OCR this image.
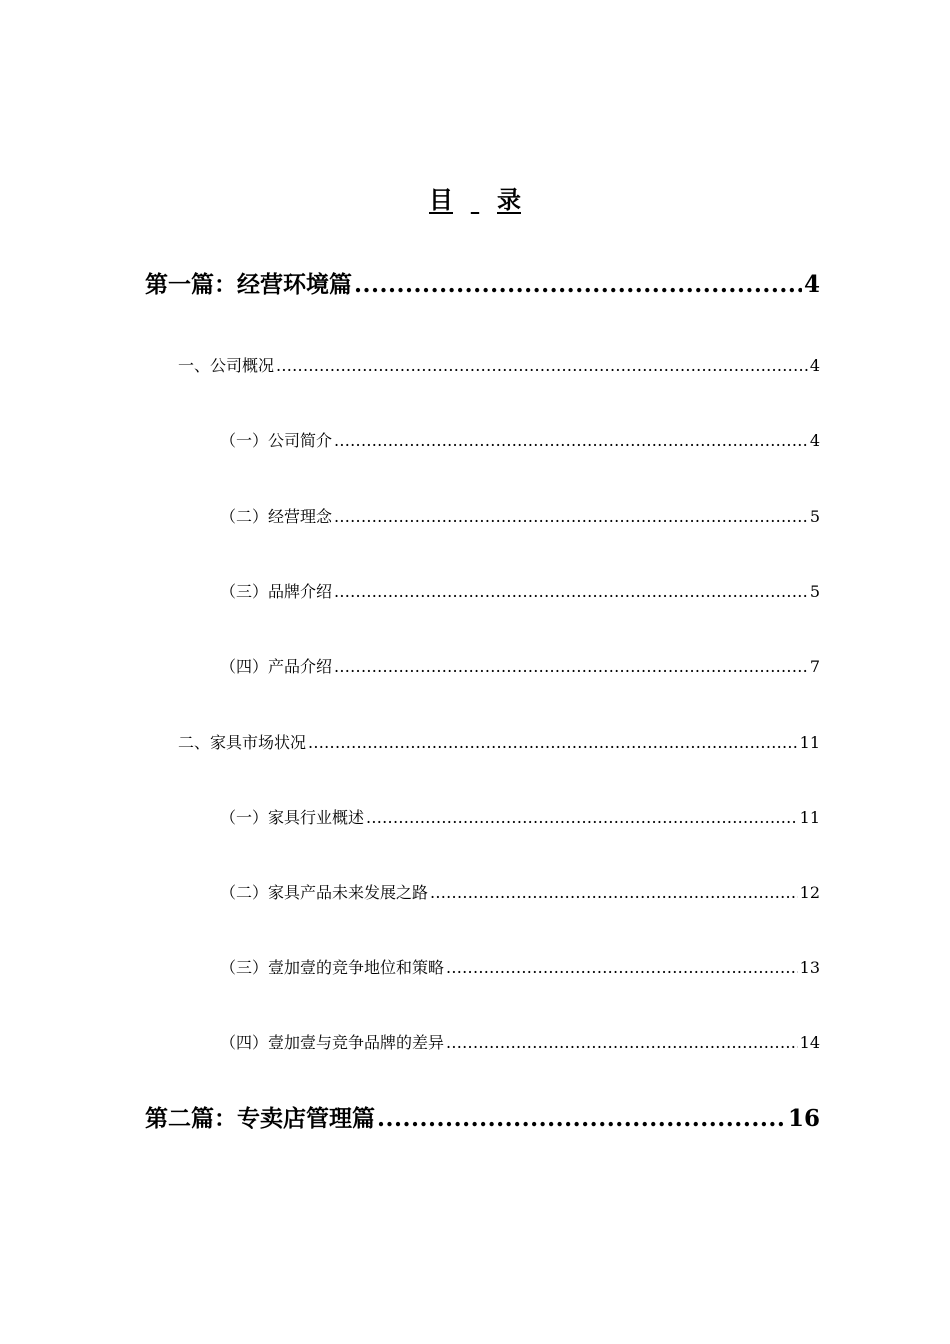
目 录
第一篇：经营环境篇 .....	4
一、公司概况 .....	4
（一）公司简介 .....	4
（二）经营理念 .....	5
（三）品牌介绍 .....	5
（四）产品介绍 .....	7
二、家具市场状况 .....	11
（一）家具行业概述 .....	11
（二）家具产品未来发展之路 .....	12
（三）壹加壹的竞争地位和策略 .....	13
（四）壹加壹与竞争品牌的差异 .....	14
第二篇：专卖店管理篇 .....	16
